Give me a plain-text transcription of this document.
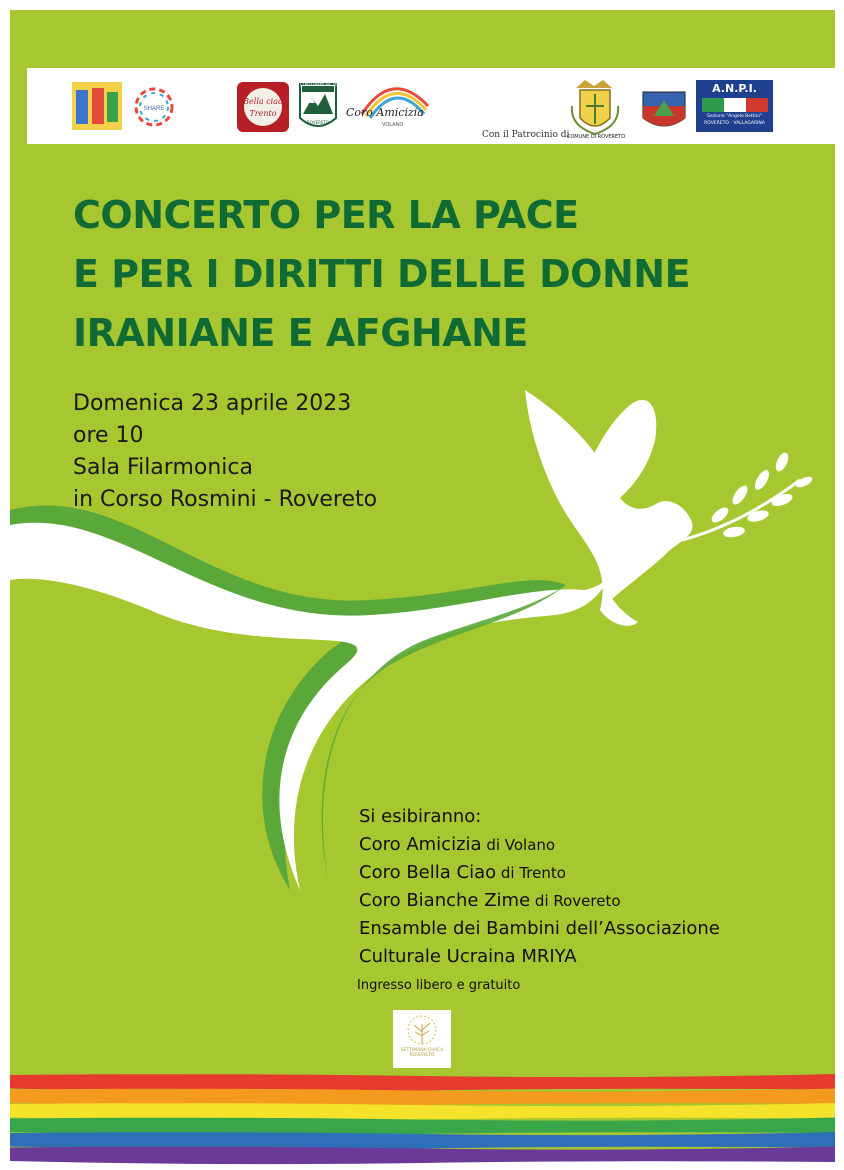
SHARE
Bella ciao
Trento
Con il Patrocinio di
Coro Amicizia
VOLANO
CORO BIANCHE ZIME
ROVERETO
COMUNE DI ROVERETO
A.N.P.I.
Sezione "Angelo Bettini"
ROVERETO - VALLAGARINA
CONCERTO PER LA PACE
E PER I DIRITTI DELLE DONNE
IRANIANE E AFGHANE
Domenica 23 aprile 2023
ore 10
Sala Filarmonica
in Corso Rosmini - Rovereto
Si esibiranno:
Coro Amicizia di Volano
Coro Bella Ciao di Trento
Coro Bianche Zime di Rovereto
Ensamble dei Bambini dell’Associazione
Culturale Ucraina MRIYA
Ingresso libero e gratuito
SETTIMANA CIVICA
ROVERETO
